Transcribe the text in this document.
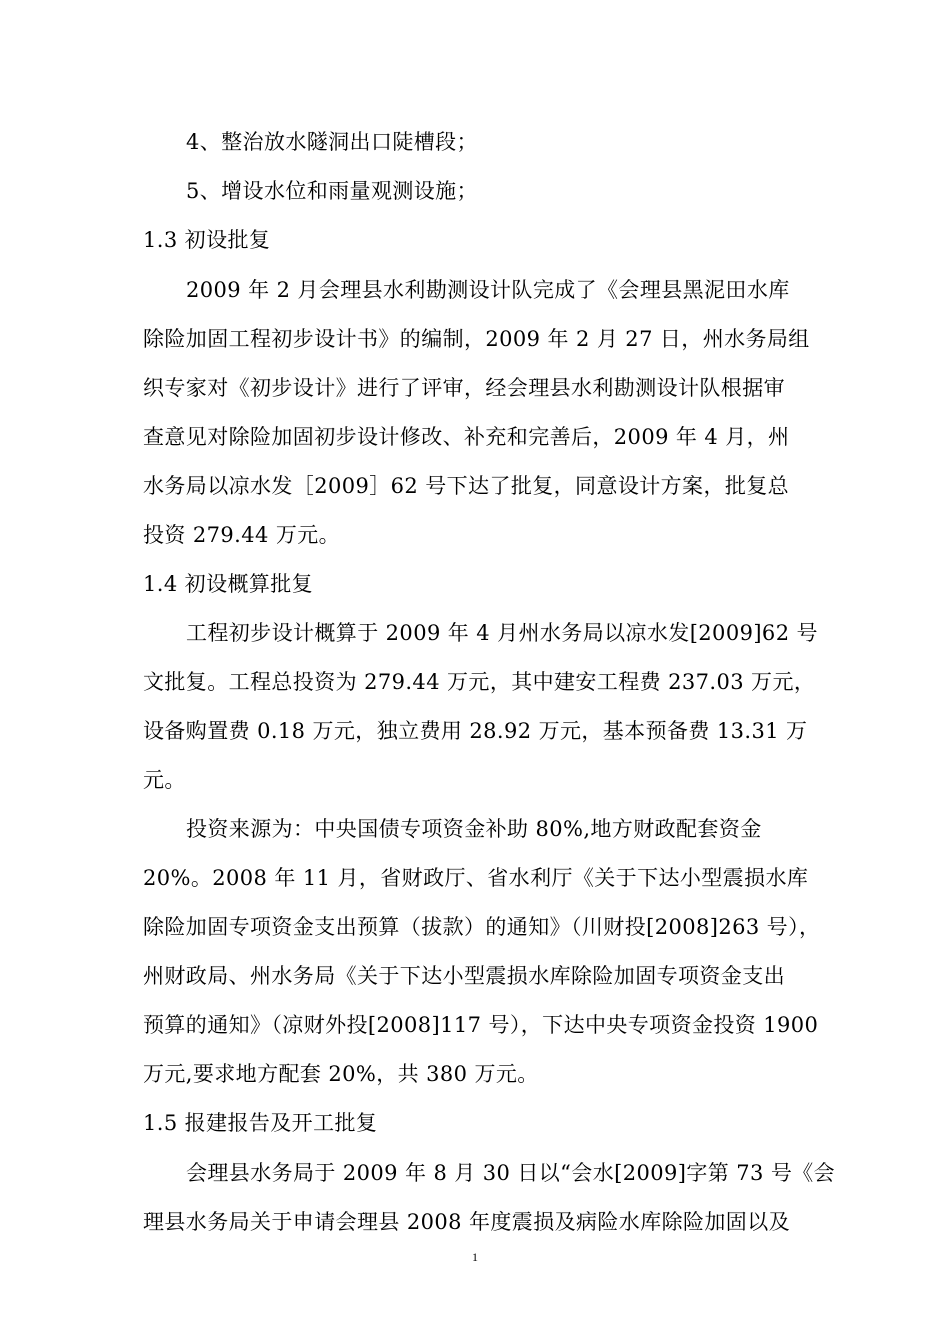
4、整治放水隧洞出口陡槽段；
5、增设水位和雨量观测设施；
1.3 初设批复
2009 年 2 月会理县水利勘测设计队完成了《会理县黑泥田水库
除险加固工程初步设计书》的编制，2009 年 2 月 27 日，州水务局组
织专家对《初步设计》进行了评审，经会理县水利勘测设计队根据审
查意见对除险加固初步设计修改、补充和完善后，2009 年 4 月，州
水务局以凉水发［2009］62 号下达了批复，同意设计方案，批复总
投资 279.44 万元。
1.4 初设概算批复
工程初步设计概算于 2009 年 4 月州水务局以凉水发[2009]62 号
文批复。工程总投资为 279.44 万元，其中建安工程费 237.03 万元，
设备购置费 0.18 万元，独立费用 28.92 万元，基本预备费 13.31 万
元。
投资来源为：中央国债专项资金补助 80%,地方财政配套资金
20%。2008 年 11 月，省财政厅、省水利厅《关于下达小型震损水库
除险加固专项资金支出预算（拔款）的通知》（川财投[2008]263 号），
州财政局、州水务局《关于下达小型震损水库除险加固专项资金支出
预算的通知》（凉财外投[2008]117 号），下达中央专项资金投资 1900
万元,要求地方配套 20%，共 380 万元。
1.5 报建报告及开工批复
会理县水务局于 2009 年 8 月 30 日以“会水[2009]字第 73 号《会
理县水务局关于申请会理县 2008 年度震损及病险水库除险加固以及
1
